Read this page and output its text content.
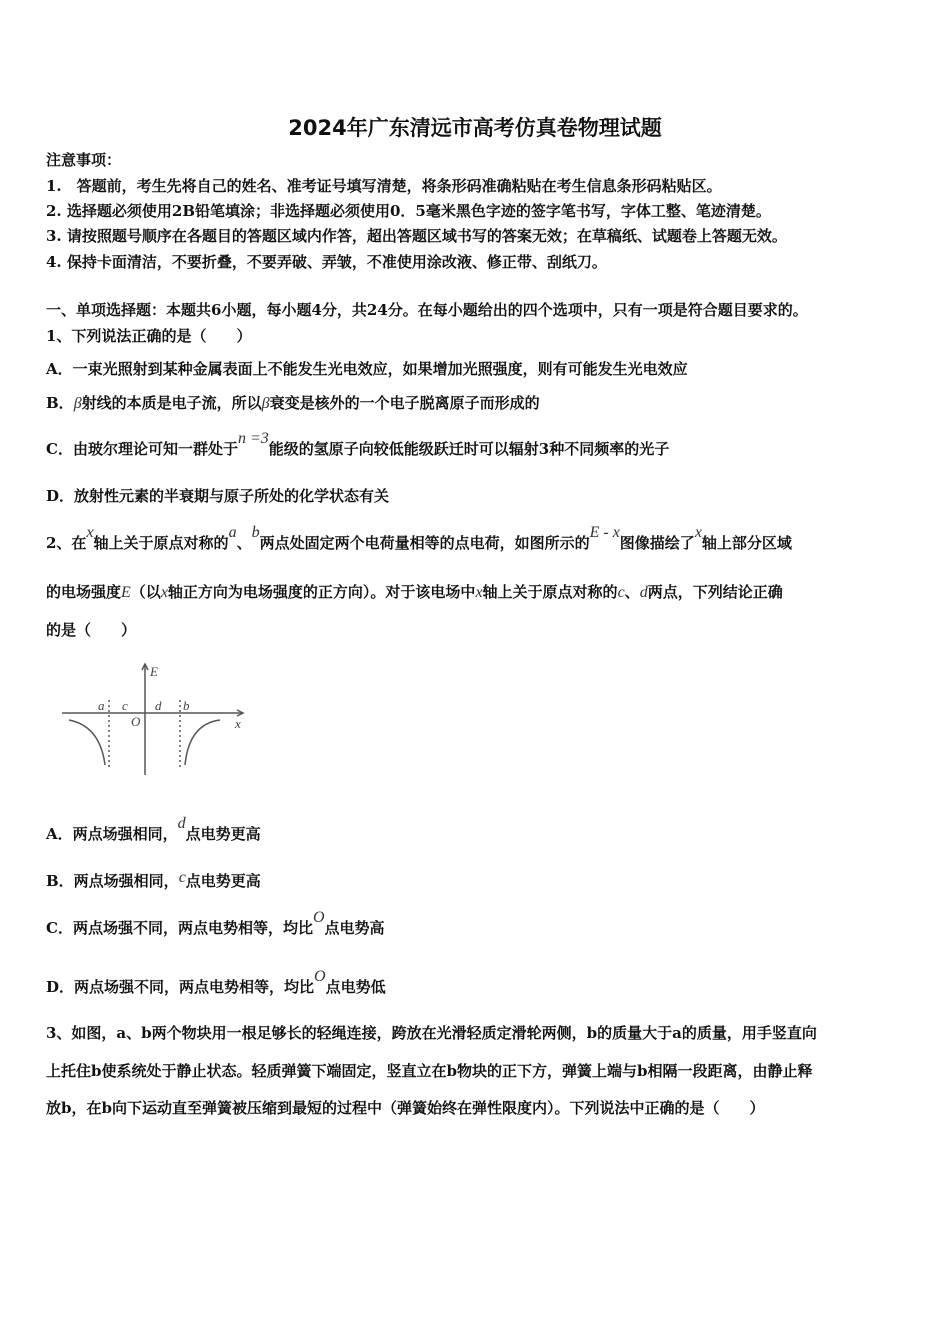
2024年广东清远市高考仿真卷物理试题
注意事项：
1.　答题前，考生先将自己的姓名、准考证号填写清楚，将条形码准确粘贴在考生信息条形码粘贴区。
2. 选择题必须使用2B铅笔填涂；非选择题必须使用0．5毫米黑色字迹的签字笔书写，字体工整、笔迹清楚。
3. 请按照题号顺序在各题目的答题区域内作答，超出答题区域书写的答案无效；在草稿纸、试题卷上答题无效。
4. 保持卡面清洁，不要折叠，不要弄破、弄皱，不准使用涂改液、修正带、刮纸刀。
一、单项选择题：本题共6小题，每小题4分，共24分。在每小题给出的四个选项中，只有一项是符合题目要求的。
1、下列说法正确的是（　　）
A．一束光照射到某种金属表面上不能发生光电效应，如果增加光照强度，则有可能发生光电效应
B．β射线的本质是电子流，所以β衰变是核外的一个电子脱离原子而形成的
C．由玻尔理论可知一群处于n =3能级的氢原子向较低能级跃迁时可以辐射3种不同频率的光子
D．放射性元素的半衰期与原子所处的化学状态有关
2、在x轴上关于原点对称的a、b两点处固定两个电荷量相等的点电荷，如图所示的E - x图像描绘了x轴上部分区域
的电场强度E（以x轴正方向为电场强度的正方向）。对于该电场中x轴上关于原点对称的c、d两点，下列结论正确
的是（　　）
E
a c
O
d b
x
A．两点场强相同，d点电势更高
B．两点场强相同，c点电势更高
C．两点场强不同，两点电势相等，均比O点电势高
D．两点场强不同，两点电势相等，均比O点电势低
3、如图，a、b两个物块用一根足够长的轻绳连接，跨放在光滑轻质定滑轮两侧，b的质量大于a的质量，用手竖直向
上托住b使系统处于静止状态。轻质弹簧下端固定，竖直立在b物块的正下方，弹簧上端与b相隔一段距离，由静止释
放b，在b向下运动直至弹簧被压缩到最短的过程中（弹簧始终在弹性限度内）。下列说法中正确的是（　　）
